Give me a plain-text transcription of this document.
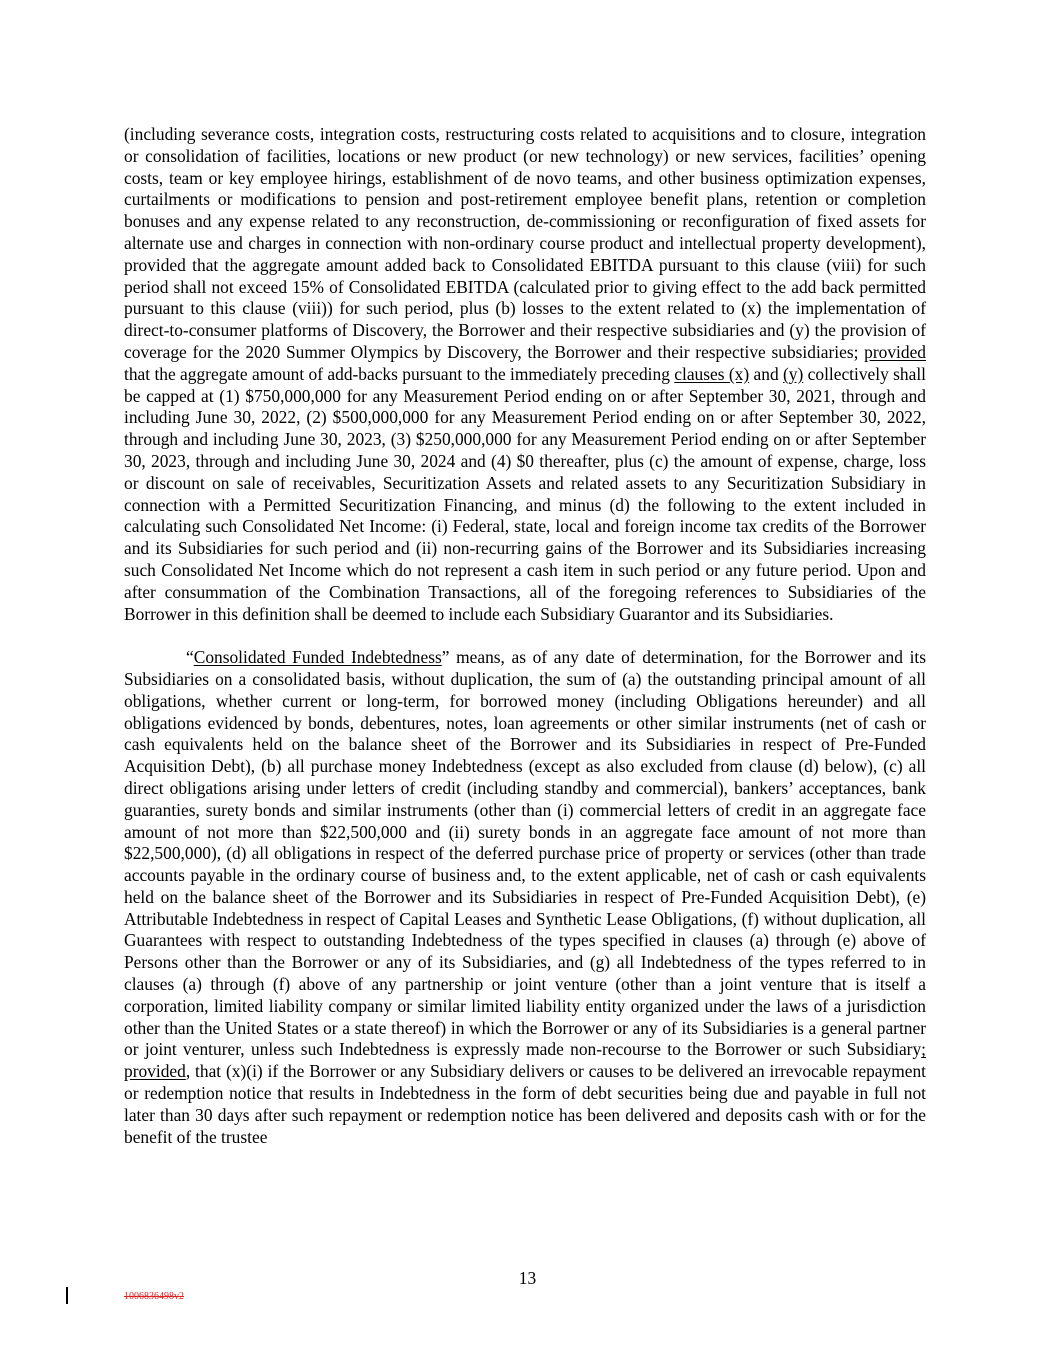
(including severance costs, integration costs, restructuring costs related to acquisitions and to closure, integration or consolidation of facilities, locations or new product (or new technology) or new services, facilities’ opening costs, team or key employee hirings, establishment of de novo teams, and other business optimization expenses, curtailments or modifications to pension and post-retirement employee benefit plans, retention or completion bonuses and any expense related to any reconstruction, de-commissioning or reconfiguration of fixed assets for alternate use and charges in connection with non-ordinary course product and intellectual property development), provided that the aggregate amount added back to Consolidated EBITDA pursuant to this clause (viii) for such period shall not exceed 15% of Consolidated EBITDA (calculated prior to giving effect to the add back permitted pursuant to this clause (viii)) for such period, plus (b) losses to the extent related to (x) the implementation of direct-to-consumer platforms of Discovery, the Borrower and their respective subsidiaries and (y) the provision of coverage for the 2020 Summer Olympics by Discovery, the Borrower and their respective subsidiaries; provided that the aggregate amount of add-backs pursuant to the immediately preceding clauses (x) and (y) collectively shall be capped at (1) $750,000,000 for any Measurement Period ending on or after September 30, 2021, through and including June 30, 2022, (2) $500,000,000 for any Measurement Period ending on or after September 30, 2022, through and including June 30, 2023, (3) $250,000,000 for any Measurement Period ending on or after September 30, 2023, through and including June 30, 2024 and (4) $0 thereafter, plus (c) the amount of expense, charge, loss or discount on sale of receivables, Securitization Assets and related assets to any Securitization Subsidiary in connection with a Permitted Securitization Financing, and minus (d) the following to the extent included in calculating such Consolidated Net Income: (i) Federal, state, local and foreign income tax credits of the Borrower and its Subsidiaries for such period and (ii) non-recurring gains of the Borrower and its Subsidiaries increasing such Consolidated Net Income which do not represent a cash item in such period or any future period. Upon and after consummation of the Combination Transactions, all of the foregoing references to Subsidiaries of the Borrower in this definition shall be deemed to include each Subsidiary Guarantor and its Subsidiaries.

“Consolidated Funded Indebtedness” means, as of any date of determination, for the Borrower and its Subsidiaries on a consolidated basis, without duplication, the sum of (a) the outstanding principal amount of all obligations, whether current or long-term, for borrowed money (including Obligations hereunder) and all obligations evidenced by bonds, debentures, notes, loan agreements or other similar instruments (net of cash or cash equivalents held on the balance sheet of the Borrower and its Subsidiaries in respect of Pre-Funded Acquisition Debt), (b) all purchase money Indebtedness (except as also excluded from clause (d) below), (c) all direct obligations arising under letters of credit (including standby and commercial), bankers’ acceptances, bank guaranties, surety bonds and similar instruments (other than (i) commercial letters of credit in an aggregate face amount of not more than $22,500,000 and (ii) surety bonds in an aggregate face amount of not more than $22,500,000), (d) all obligations in respect of the deferred purchase price of property or services (other than trade accounts payable in the ordinary course of business and, to the extent applicable, net of cash or cash equivalents held on the balance sheet of the Borrower and its Subsidiaries in respect of Pre-Funded Acquisition Debt), (e) Attributable Indebtedness in respect of Capital Leases and Synthetic Lease Obligations, (f) without duplication, all Guarantees with respect to outstanding Indebtedness of the types specified in clauses (a) through (e) above of Persons other than the Borrower or any of its Subsidiaries, and (g) all Indebtedness of the types referred to in clauses (a) through (f) above of any partnership or joint venture (other than a joint venture that is itself a corporation, limited liability company or similar limited liability entity organized under the laws of a jurisdiction other than the United States or a state thereof) in which the Borrower or any of its Subsidiaries is a general partner or joint venturer, unless such Indebtedness is expressly made non-recourse to the Borrower or such Subsidiary; provided, that (x)(i) if the Borrower or any Subsidiary delivers or causes to be delivered an irrevocable repayment or redemption notice that results in Indebtedness in the form of debt securities being due and payable in full not later than 30 days after such repayment or redemption notice has been delivered and deposits cash with or for the benefit of the trustee

13
1006836498v2
